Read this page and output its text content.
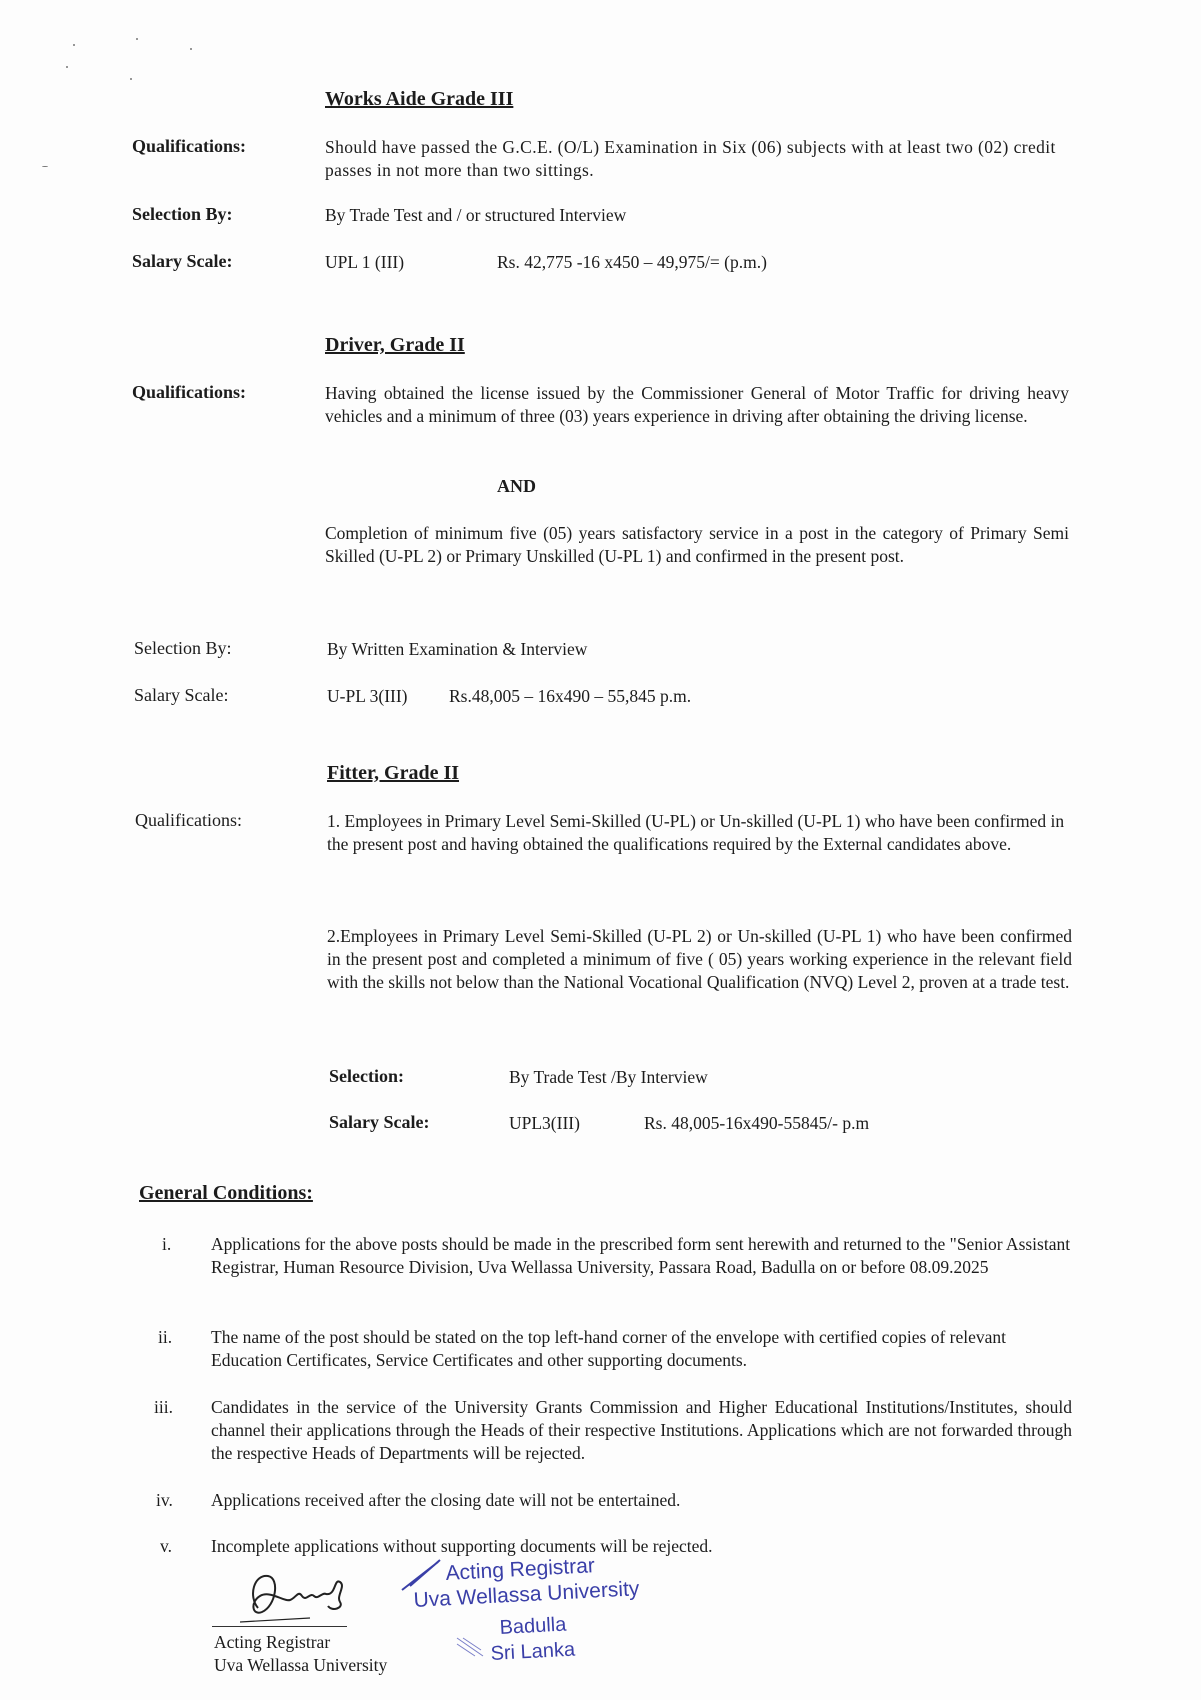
Works Aide Grade III
Qualifications:	Should have passed the G.C.E. (O/L) Examination in Six (06) subjects with at least two (02) credit passes in not more than two sittings.
Selection By:	By Trade Test and / or structured Interview
Salary Scale:	UPL 1 (III)	Rs. 42,775 -16 x450 – 49,975/= (p.m.)
Driver, Grade II
Qualifications:	Having obtained the license issued by the Commissioner General of Motor Traffic for driving heavy vehicles and a minimum of three (03) years experience in driving after obtaining the driving license.
AND
Completion of minimum five (05) years satisfactory service in a post in the category of Primary Semi Skilled (U-PL 2) or Primary Unskilled (U-PL 1) and confirmed in the present post.
Selection By:	By Written Examination & Interview
Salary Scale:	U-PL 3(III) Rs.48,005 – 16x490 – 55,845 p.m.
Fitter, Grade II
Qualifications:	1. Employees in Primary Level Semi-Skilled (U-PL) or Un-skilled (U-PL 1) who have been confirmed in the present post and having obtained the qualifications required by the External candidates above.
2.Employees in Primary Level Semi-Skilled (U-PL 2) or Un-skilled (U-PL 1) who have been confirmed in the present post and completed a minimum of five ( 05) years working experience in the relevant field with the skills not below than the National Vocational Qualification (NVQ) Level 2, proven at a trade test.
Selection:	By Trade Test /By Interview
Salary Scale:	UPL3(III)	Rs. 48,005-16x490-55845/- p.m
General Conditions:
i. Applications for the above posts should be made in the prescribed form sent herewith and returned to the "Senior Assistant Registrar, Human Resource Division, Uva Wellassa University, Passara Road, Badulla on or before 08.09.2025
ii. The name of the post should be stated on the top left-hand corner of the envelope with certified copies of relevant Education Certificates, Service Certificates and other supporting documents.
iii. Candidates in the service of the University Grants Commission and Higher Educational Institutions/Institutes, should channel their applications through the Heads of their respective Institutions. Applications which are not forwarded through the respective Heads of Departments will be rejected.
iv. Applications received after the closing date will not be entertained.
v. Incomplete applications without supporting documents will be rejected.
Acting Registrar
Uva Wellassa University
Acting Registrar
Uva Wellassa University
Badulla
Sri Lanka
